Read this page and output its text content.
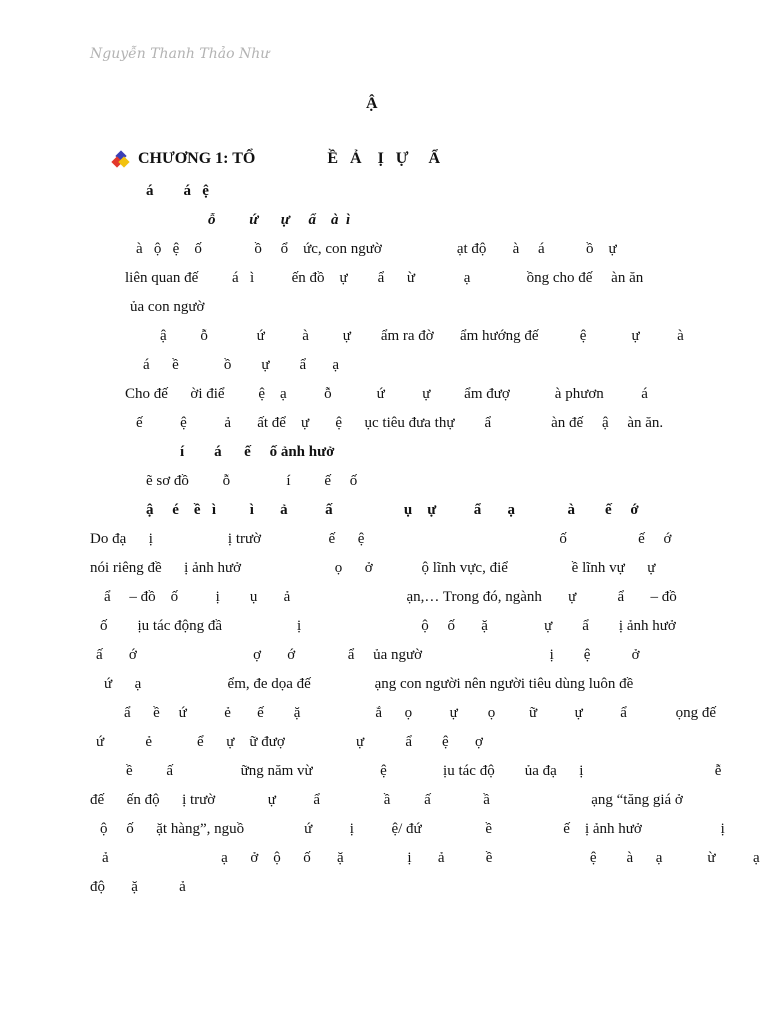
Nguyễn Thanh Thảo Như
Ậ

CHƯƠNG 1: TỔ                  Ề   Ả    Ị   Ự     Ẩ
á        á   ệ
ỗ         ứ      ự     ẩ    à  ì
à   ộ   ệ    ố              ồ     ổ    ức, con ngườ                    ạt độ       à     á           ồ    ự
liên quan đế         á   ì          ến đồ    ự        ẩ      ừ             ạ               ồng cho đế     àn ăn
ủa con ngườ
ậ         ỗ             ứ          à         ự        ẩm ra đờ       ẩm hướng đế           ệ            ự          à
á      ề            ồ        ự        ẩ       ạ
Cho đế      ời điể         ệ    ạ          ỗ            ứ          ự         ẩm đượ            à phươn          á
ế          ệ          ả       ất để    ự       ệ      ục tiêu đưa thự        ẩ                àn đế     ậ     àn ăn.
í        á      ế     ố ảnh hưở
ẽ sơ đồ         ỗ               í         ế     ố
ậ     é    ề   ì         ì       ả          ấ                   ụ    ự          ẩ       ạ              à        ế     ớ
Do đạ      ị                    ị trườ                  ế      ệ                                                    ố                   ế     ớ
nói riêng đề      ị ảnh hưở                         ọ      ở             ộ lĩnh vực, điể                 ề lĩnh vự      ự
ẩ     – đồ    ố          ị        ụ       ả                               ạn,… Trong đó, ngành       ự           ẩ       – đồ
ố        ịu tác động đầ                    ị                                ộ     ố       ặ               ự        ẩ        ị ảnh hưở
ấ       ớ                               ợ       ớ              ẩ     ủa ngườ                                  ị        ệ           ở
ứ      ạ                       ểm, đe dọa đế                 ạng con người nên người tiêu dùng luôn đề
ẩ      ề     ứ          ẻ       ế        ặ                    ắ      ọ          ự        ọ         ữ          ự          ẩ             ọng đế
ứ           ẻ            ể      ự    ữ đượ                   ự           ẩ        ệ       ợ
ề         ấ                  ững năm vừ                  ệ               ịu tác độ        ủa đạ      ị                                   ễ
đế      ến độ      ị trườ              ự          ẩ                 ầ         ấ              ầ                           ạng “tăng giá ở
ộ     ố      ặt hàng”, nguồ                ứ          ị          ệ/ đứ                 ề                   ế    ị ảnh hưở                     ị
ả                              ạ      ở    ộ      ố       ặ                 ị       ả           ề                          ệ        à      ạ            ừ          ạ
độ       ặ           ả
